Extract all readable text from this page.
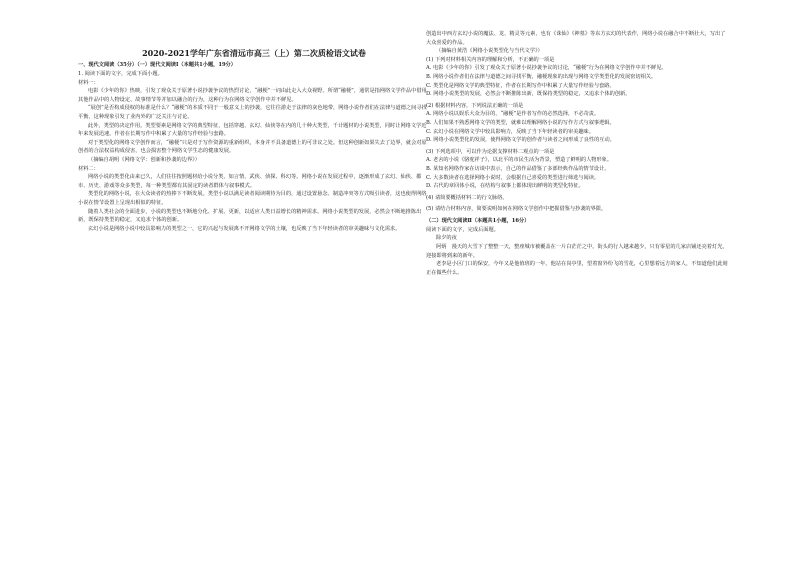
2020-2021学年广东省清远市高三（上）第二次质检语文试卷
一、现代文阅读（35分）（一）现代文阅读Ⅰ（本题共1小题，19分）

1. 阅读下面的文字，完成下面小题。

材料一：

电影《少年的你》热映，引发了观众关于原著小说抄袭争议的热烈讨论，“融梗”一词由此走入大众视野。所谓“融梗”，通常是指网络文学作品中借用其他作品中的人物设定、故事情节等并加以融合的行为，这种行为在网络文学创作中并不鲜见。

“展创”是否构成侵权的标准是什么？“融梗”的本质不同于一般意义上的抄袭，它往往游走于法律的灰色地带，网络小说作者们在法律与道德之间寻找平衡，这种现象引发了业内外的广泛关注与讨论。

此外，类型的决定作用。类型要素是网络文学的典型特征，包括穿越、玄幻、仙侠等在内的几十种大类型，千计题材的小说类型，同时让网络文学近年来发展迅速。作者在长期写作中积累了大量的写作经验与套路。

对于类型化的网络文学创作而言，“融梗”只是对于写作资源的重新组织，本身并不具备道德上的可非议之处。但这种创新如果失去了边界，就会对原创者的合法权益构成侵害，也会损害整个网络文学生态的健康发展。

（摘编自胡明《网络文学：创新和抄袭的边界》）

材料二：

网络小说的类型化由来已久，人们往往按照题材给小说分类，如言情、武侠、侦探、科幻等。网络小说在发展过程中，逐渐形成了玄幻、仙侠、都市、历史、游戏等众多类型，每一种类型都有其固定的读者群体与叙事模式。

类型化的网络小说，在大众读者的热捧下不断发展。类型小说以满足读者阅读期待为目的，通过设置悬念、制造冲突等方式吸引读者，这也使得网络小说在情节设置上呈现出相似的特征。

随着人类社会的全面进步，小说的类型也不断地分化、扩展、更新，以适应人类日益增长的精神需求。网络小说类型的发展，必然会不断地推陈出新，既保持类型的稳定，又追求个体的创新。

玄幻小说是网络小说中较具影响力的类型之一，它的兴起与发展离不开网络文学的土壤，也反映了当下年轻读者的审美趣味与文化需求。

创造出中西方玄幻小说的魔法、龙、精灵等元素，也有《诛仙》《神墓》等东方玄幻的代表作，网络小说在融合中不断壮大，写出了大众喜爱的作品。

（摘编自黄浩《网络小说类型化与当代文学》）

(1) 下列对材料相关内容的理解和分析，不正确的一项是

A. 电影《少年的你》引发了观众关于原著小说抄袭争议的讨论，“融梗”行为在网络文学创作中并不鲜见。

B. 网络小说作者们在法律与道德之间寻找平衡，融梗现象的出现与网络文学类型化的发展密切相关。

C. 类型化是网络文学的典型特征，作者在长期写作中积累了大量写作经验与套路。

D. 网络小说类型的发展，必然会不断推陈出新，既保持类型的稳定，又追求个体的创新。

(2) 根据材料内容，下列说法正确的一项是

A. 网络小说以娱乐大众为目的，“融梗”是作者写作的必然选择，不必苛责。

B. 人们如果不熟悉网络文学的类型，就难以理解网络小说的写作方式与叙事逻辑。

C. 玄幻小说在网络文学中较具影响力，反映了当下年轻读者的审美趣味。

D. 网络小说类型化的发展，使得网络文学的创作者与读者之间形成了良性的互动。

(3) 下列选项中，可以作为论据支撑材料二观点的一项是

A. 老舍的小说《骆驼祥子》，以北平的市民生活为背景，塑造了鲜明的人物形象。

B. 某知名网络作家在访谈中表示，自己的作品借鉴了多部经典作品的情节设计。

C. 大多数读者在选择网络小说时，会根据自己喜爱的类型进行筛选与阅读。

D. 古代的章回体小说，在结构与叙事上都体现出鲜明的类型化特征。

(4) 请简要概括材料二的行文脉络。

(5) 请结合材料内容，简要说明如何在网络文学创作中把握借鉴与抄袭的界限。

（二）现代文阅读Ⅱ（本题共1小题，16分）

阅读下面的文字，完成后面题。

除夕的夜

阿炳　漫天的大雪下了整整一天，整座城市被覆盖在一片白茫茫之中。街头的行人越来越少，只有零星的几家店铺还亮着灯光，迎接即将到来的新年。

老李是小区门口的保安，今年又是他值班的一年。他站在岗亭里，望着窗外纷飞的雪花，心里想着远方的家人，不知道他们此刻正在做些什么。
